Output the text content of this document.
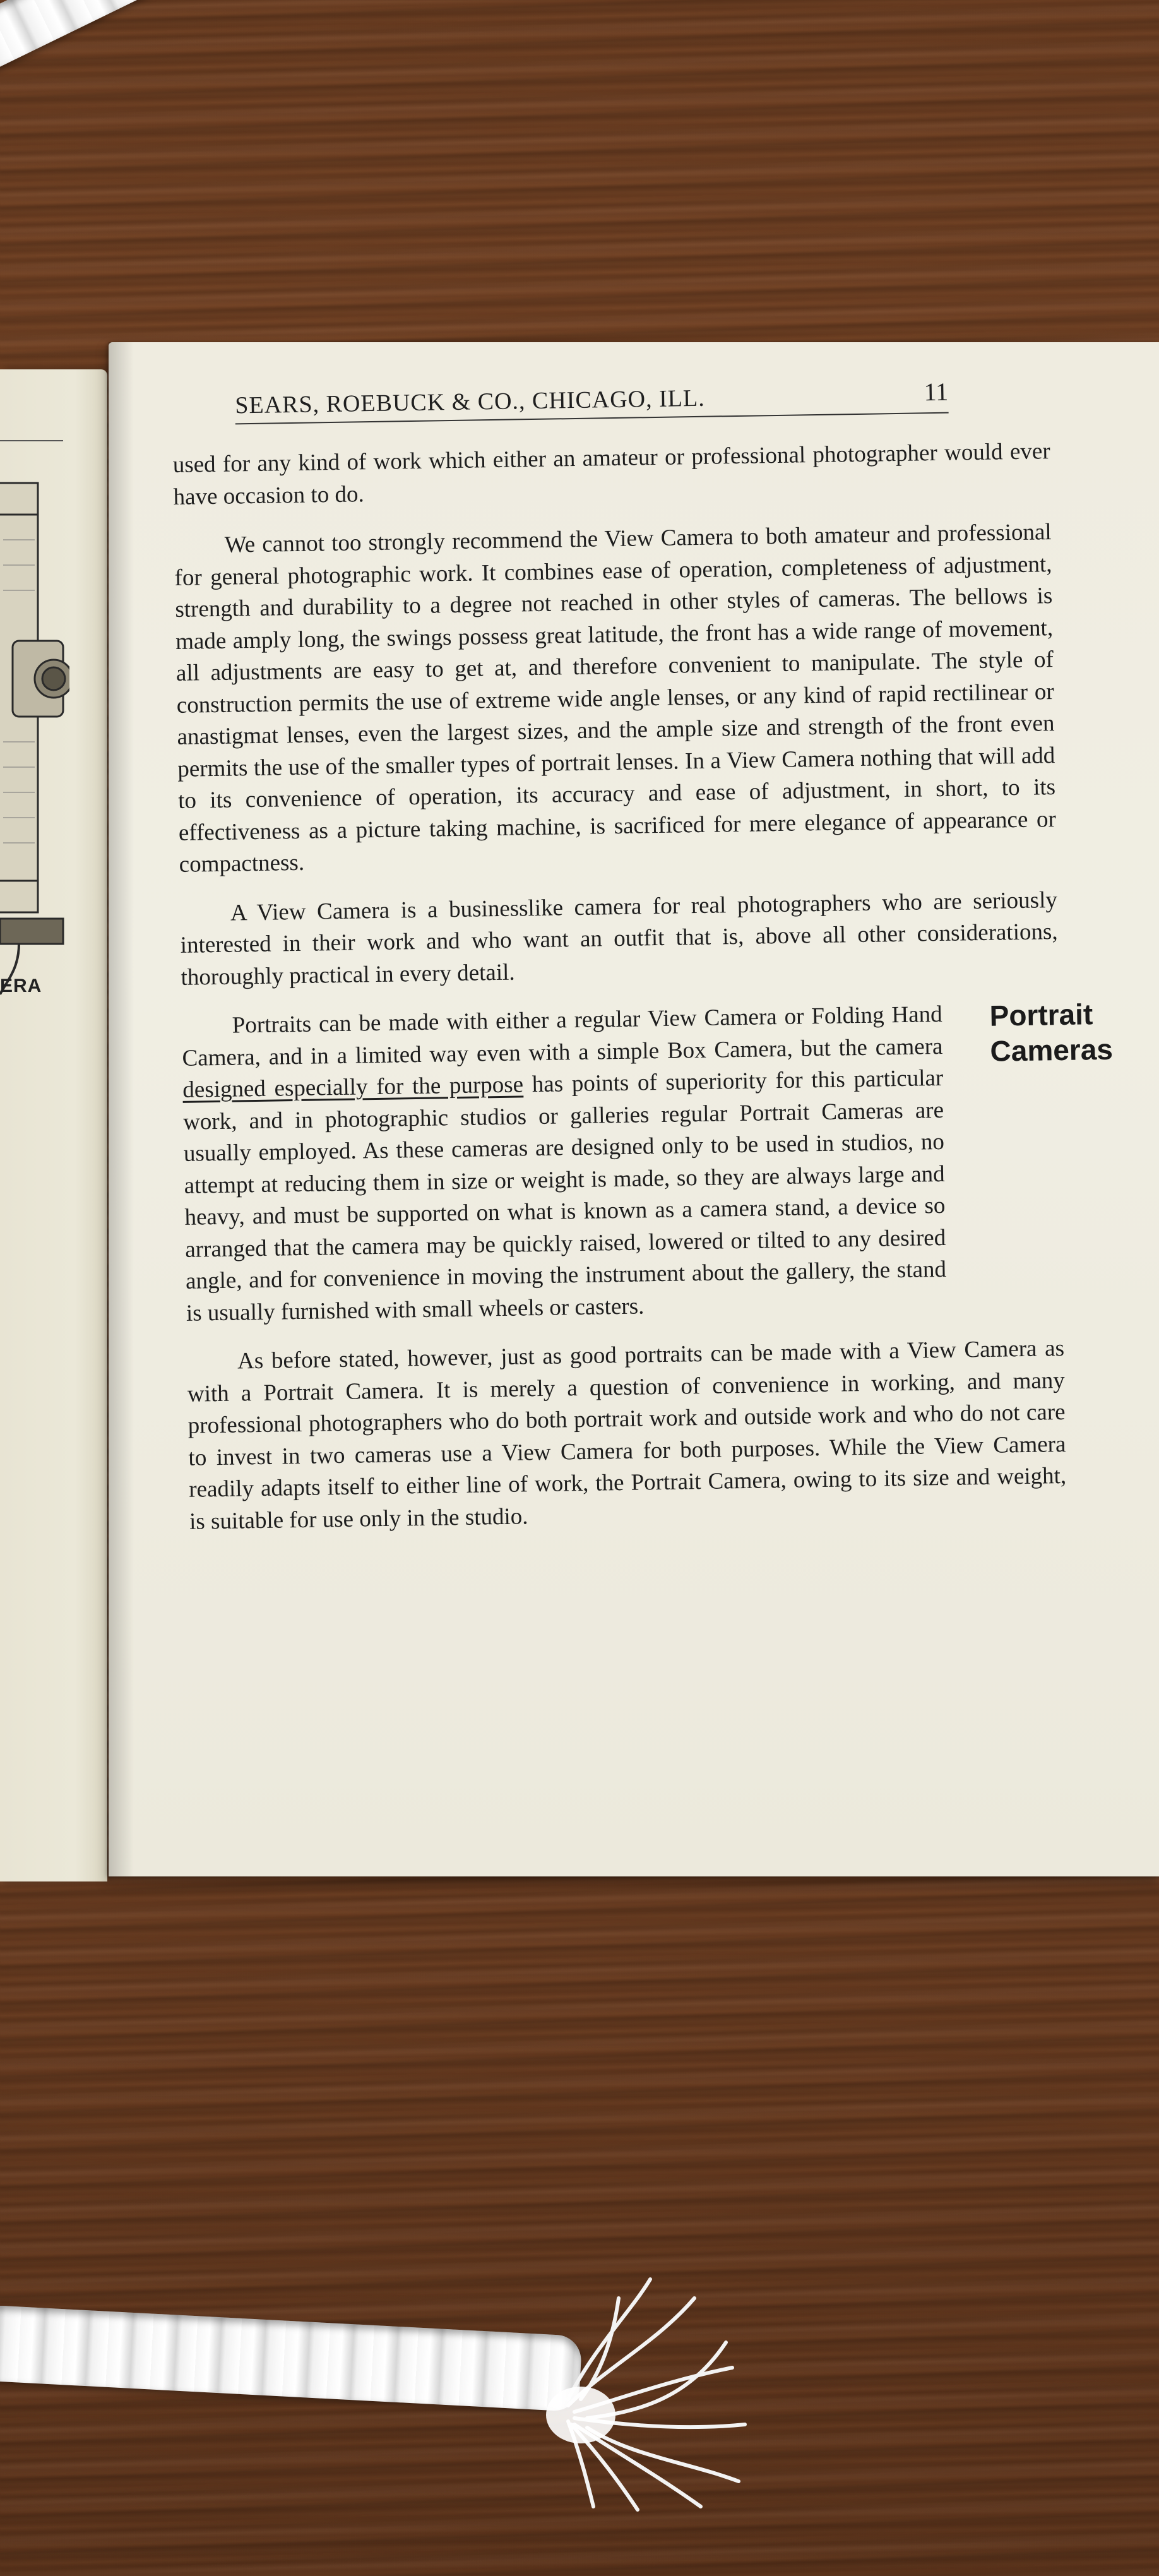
ERA
SEARS, ROEBUCK & CO., CHICAGO, ILL.	11

used for any kind of work which either an amateur or professional photographer would ever have occasion to do.

We cannot too strongly recommend the View Camera to both amateur and professional for general photographic work. It combines ease of operation, completeness of adjustment, strength and durability to a degree not reached in other styles of cameras. The bellows is made amply long, the swings possess great latitude, the front has a wide range of movement, all adjustments are easy to get at, and therefore convenient to manipulate. The style of construction permits the use of extreme wide angle lenses, or any kind of rapid rectilinear or anastigmat lenses, even the largest sizes, and the ample size and strength of the front even permits the use of the smaller types of portrait lenses. In a View Camera nothing that will add to its convenience of operation, its accuracy and ease of adjustment, in short, to its effectiveness as a picture taking machine, is sacrificed for mere elegance of appearance or compactness.

A View Camera is a businesslike camera for real photographers who are seriously interested in their work and who want an outfit that is, above all other considerations, thoroughly practical in every detail.

Portrait
Cameras

Portraits can be made with either a regular View Camera or Folding Hand Camera, and in a limited way even with a simple Box Camera, but the camera designed especially for the purpose has points of superiority for this particular work, and in photographic studios or galleries regular Portrait Cameras are usually employed. As these cameras are designed only to be used in studios, no attempt at reducing them in size or weight is made, so they are always large and heavy, and must be supported on what is known as a camera stand, a device so arranged that the camera may be quickly raised, lowered or tilted to any desired angle, and for convenience in moving the instrument about the gallery, the stand is usually furnished with small wheels or casters.

As before stated, however, just as good portraits can be made with a View Camera as with a Portrait Camera. It is merely a question of convenience in working, and many professional photographers who do both portrait work and outside work and who do not care to invest in two cameras use a View Camera for both purposes. While the View Camera readily adapts itself to either line of work, the Portrait Camera, owing to its size and weight, is suitable for use only in the studio.
